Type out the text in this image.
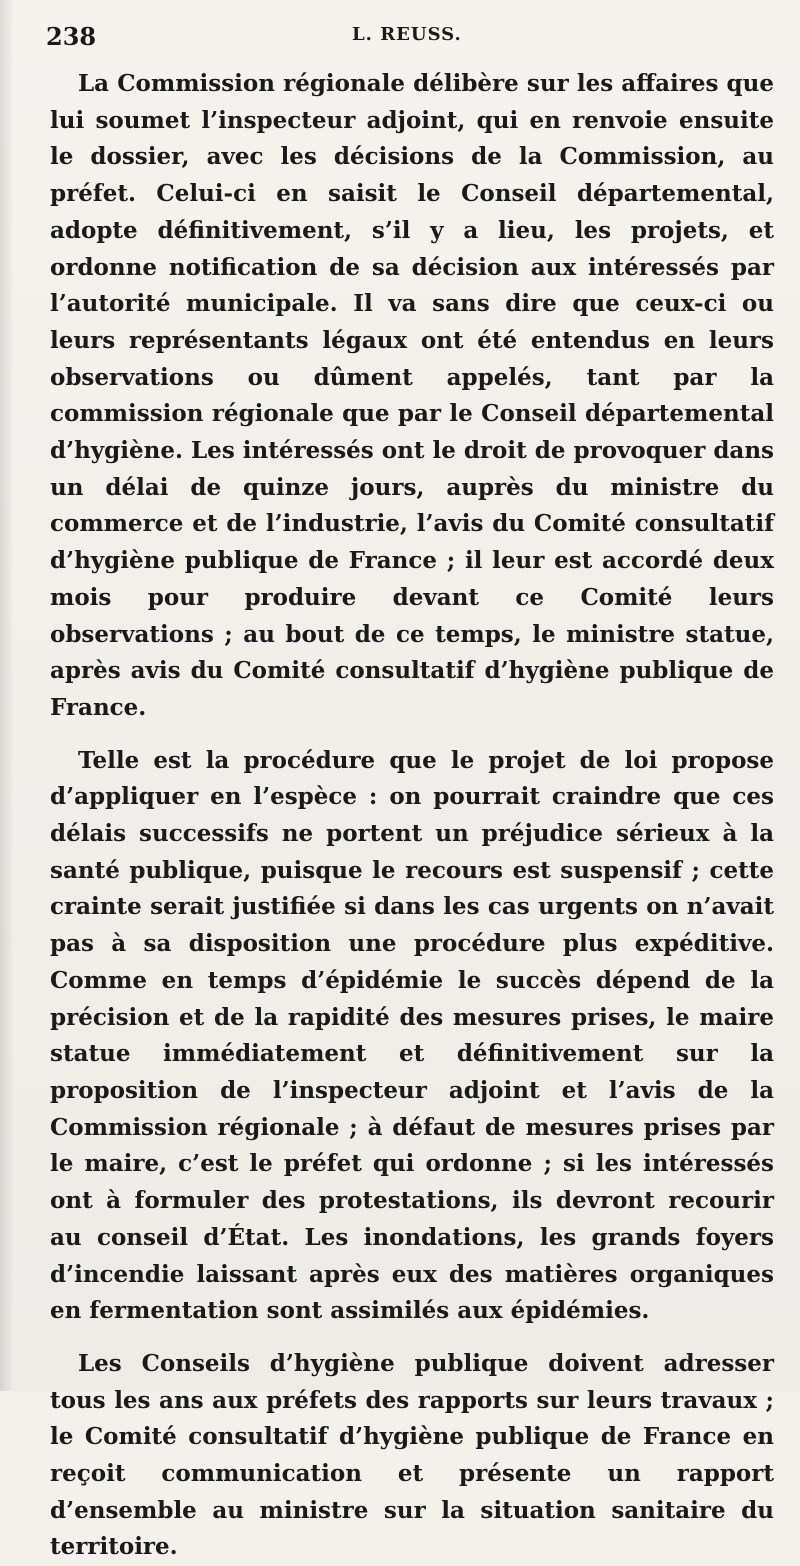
238	L. REUSS.

La Commission régionale délibère sur les affaires que lui soumet l’inspecteur adjoint, qui en renvoie ensuite le dossier, avec les décisions de la Commission, au préfet. Celui-ci en saisit le Conseil départemental, adopte définitivement, s’il y a lieu, les projets, et ordonne notification de sa décision aux intéressés par l’autorité municipale. Il va sans dire que ceux-ci ou leurs représentants légaux ont été entendus en leurs observations ou dûment appelés, tant par la commission régionale que par le Conseil départemental d’hygiène. Les intéressés ont le droit de provoquer dans un délai de quinze jours, auprès du ministre du commerce et de l’industrie, l’avis du Comité consultatif d’hygiène publique de France ; il leur est accordé deux mois pour produire devant ce Comité leurs observations ; au bout de ce temps, le ministre statue, après avis du Comité consultatif d’hygiène publique de France.

Telle est la procédure que le projet de loi propose d’appliquer en l’espèce : on pourrait craindre que ces délais successifs ne portent un préjudice sérieux à la santé publique, puisque le recours est suspensif ; cette crainte serait justifiée si dans les cas urgents on n’avait pas à sa disposition une procédure plus expéditive. Comme en temps d’épidémie le succès dépend de la précision et de la rapidité des mesures prises, le maire statue immédiatement et définitivement sur la proposition de l’inspecteur adjoint et l’avis de la Commission régionale ; à défaut de mesures prises par le maire, c’est le préfet qui ordonne ; si les intéressés ont à formuler des protestations, ils devront recourir au conseil d’État. Les inondations, les grands foyers d’incendie laissant après eux des matières organiques en fermentation sont assimilés aux épidémies.

Les Conseils d’hygiène publique doivent adresser tous les ans aux préfets des rapports sur leurs travaux ; le Comité consultatif d’hygiène publique de France en reçoit communication et présente un rapport d’ensemble au ministre sur la situation sanitaire du territoire.
